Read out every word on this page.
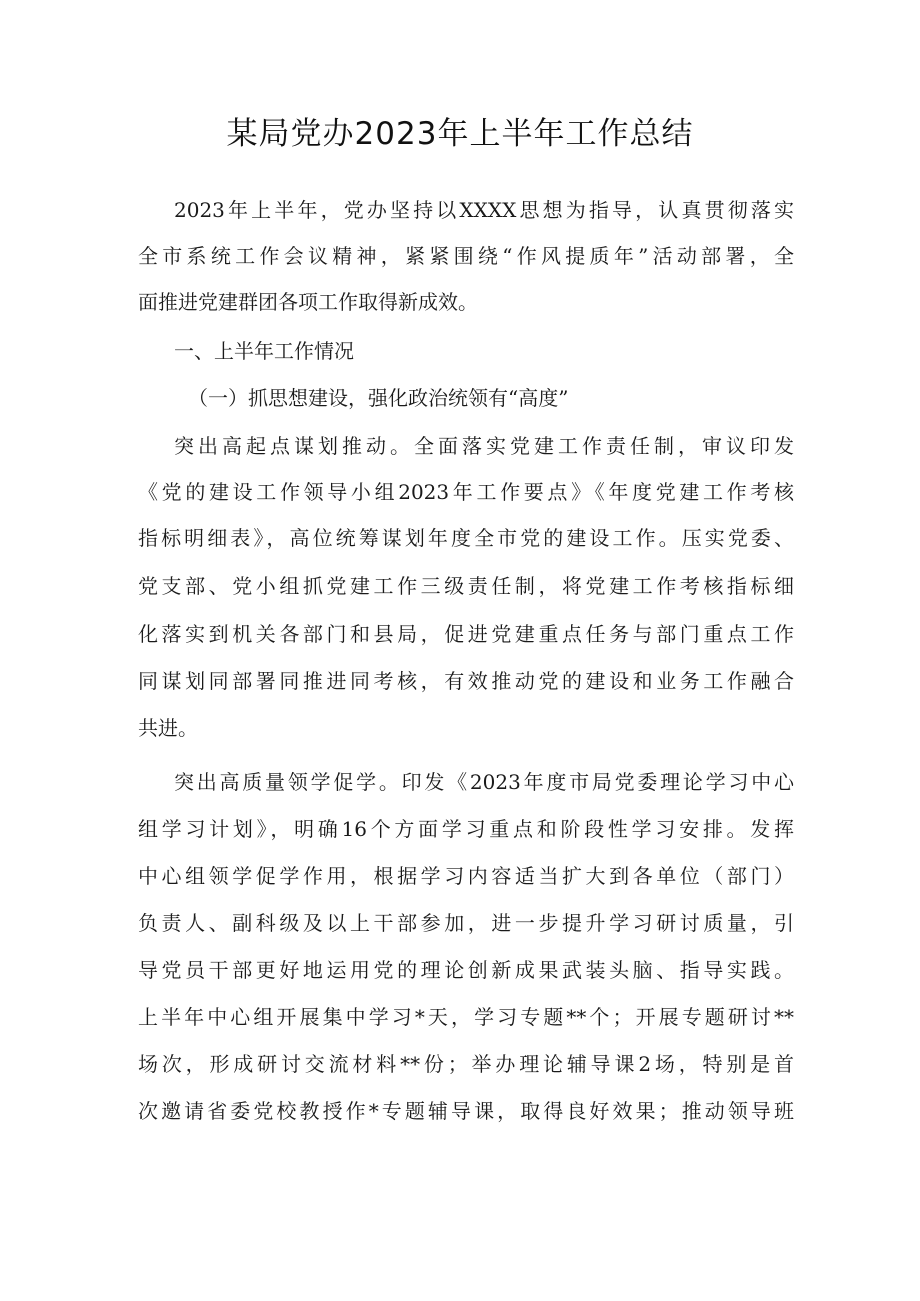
某局党办2023年上半年工作总结
2023年上半年，党办坚持以XXXX思想为指导，认真贯彻落实
全市系统工作会议精神，紧紧围绕“作风提质年”活动部署，全
面推进党建群团各项工作取得新成效。
一、上半年工作情况
（一）抓思想建设，强化政治统领有“高度”
突出高起点谋划推动。全面落实党建工作责任制，审议印发
《党的建设工作领导小组2023年工作要点》《年度党建工作考核
指标明细表》，高位统筹谋划年度全市党的建设工作。压实党委、
党支部、党小组抓党建工作三级责任制，将党建工作考核指标细
化落实到机关各部门和县局，促进党建重点任务与部门重点工作
同谋划同部署同推进同考核，有效推动党的建设和业务工作融合
共进。
突出高质量领学促学。印发《2023年度市局党委理论学习中心
组学习计划》，明确16个方面学习重点和阶段性学习安排。发挥
中心组领学促学作用，根据学习内容适当扩大到各单位（部门）
负责人、副科级及以上干部参加，进一步提升学习研讨质量，引
导党员干部更好地运用党的理论创新成果武装头脑、指导实践。
上半年中心组开展集中学习*天，学习专题**个；开展专题研讨**
场次，形成研讨交流材料**份；举办理论辅导课2场，特别是首
次邀请省委党校教授作*专题辅导课，取得良好效果；推动领导班
